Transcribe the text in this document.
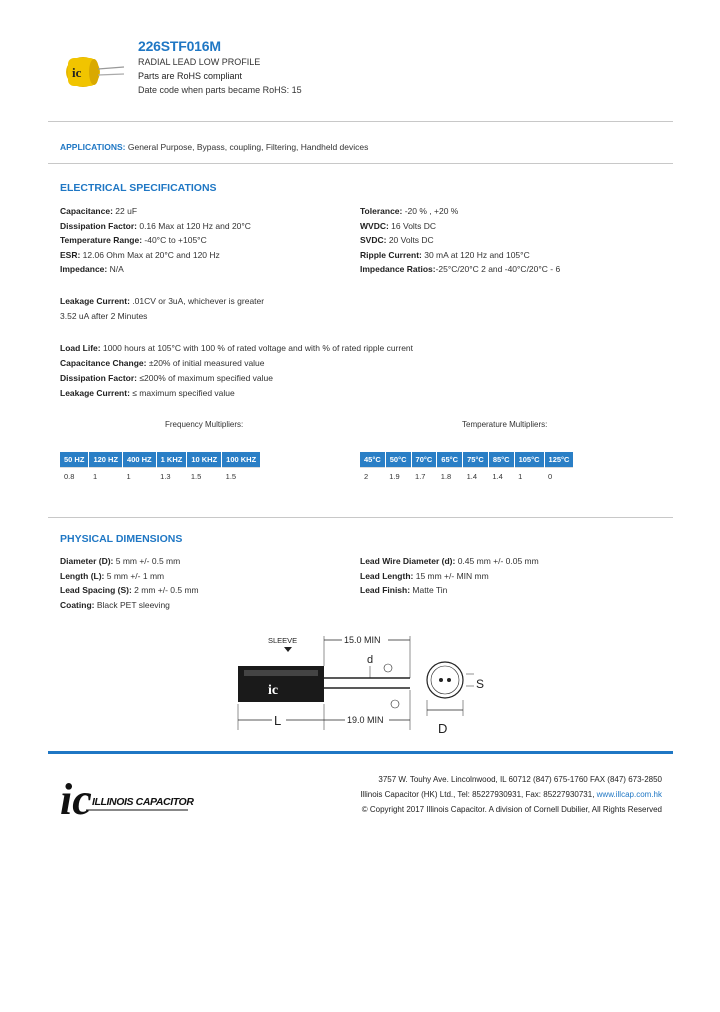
ic
226STF016M
RADIAL LEAD LOW PROFILE
Parts are RoHS compliant
Date code when parts became RoHS: 15
APPLICATIONS: General Purpose, Bypass, coupling, Filtering, Handheld devices
ELECTRICAL SPECIFICATIONS
Capacitance: 22 uF
Dissipation Factor: 0.16 Max at 120 Hz and 20°C
Temperature Range: -40°C to +105°C
ESR: 12.06 Ohm Max at 20°C and 120 Hz
Impedance: N/A
Tolerance: -20 % , +20 %
WVDC: 16 Volts DC
SVDC: 20 Volts DC
Ripple Current: 30 mA at 120 Hz and 105°C
Impedance Ratios:-25°C/20°C 2 and -40°C/20°C - 6
Leakage Current: .01CV or 3uA, whichever is greater
3.52 uA after 2 Minutes
Load Life: 1000 hours at 105°C with 100 % of rated voltage and with % of rated ripple current
Capacitance Change: ±20% of initial measured value
Dissipation Factor: ≤200% of maximum specified value
Leakage Current: ≤ maximum specified value
Frequency Multipliers:
50 HZ	120 HZ	400 HZ	1 KHZ	10 KHZ	100 KHZ
0.8	1	1	1.3	1.5	1.5
Temperature Multipliers:
45°C	50°C	70°C	65°C	75°C	85°C	105°C	125°C
2	1.9	1.7	1.8	1.4	1.4	1	0
PHYSICAL DIMENSIONS
Diameter (D): 5 mm +/- 0.5 mm
Length (L): 5 mm +/- 1 mm
Lead Spacing (S): 2 mm +/- 0.5 mm
Coating: Black PET sleeving
Lead Wire Diameter (d): 0.45 mm +/- 0.05 mm
Lead Length: 15 mm +/- MIN mm
Lead Finish: Matte Tin
ic
15.0 MIN
SLEEVE
d
L	19.0 MIN
S
D
ic ILLINOIS CAPACITOR
3757 W. Touhy Ave. Lincolnwood, IL 60712 (847) 675-1760 FAX (847) 673-2850
Illinois Capacitor (HK) Ltd., Tel: 85227930931, Fax: 85227930731, www.illcap.com.hk
© Copyright 2017 Illinois Capacitor. A division of Cornell Dubilier, All Rights Reserved
